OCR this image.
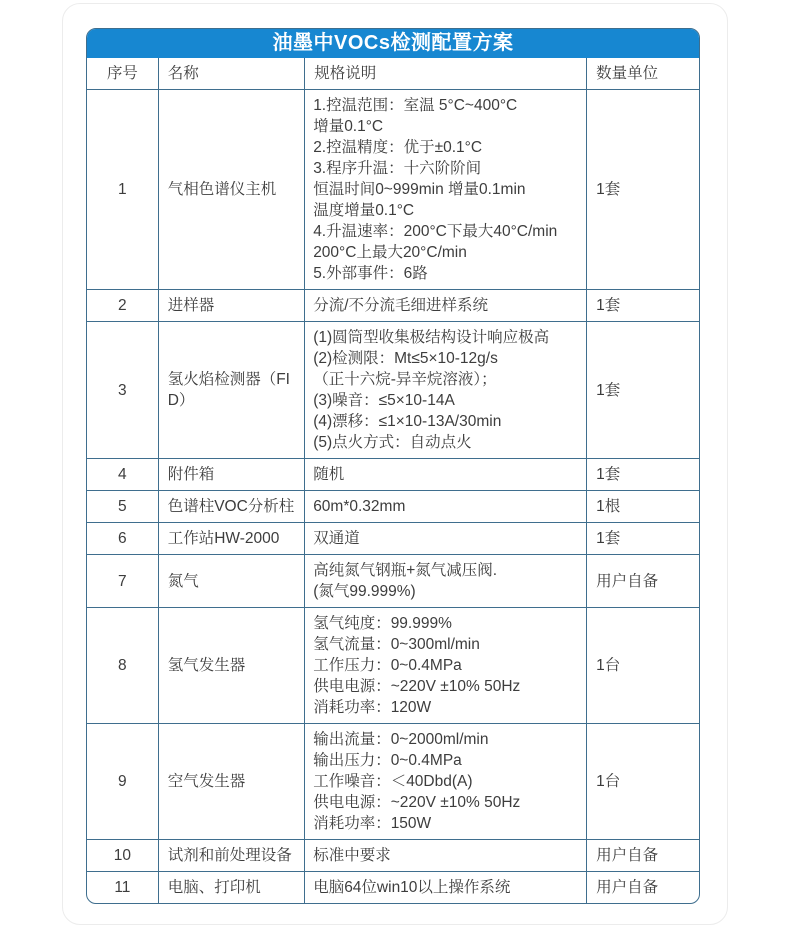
油墨中VOCs检测配置方案
序号	名称	规格说明	数量单位
1	气相色谱仪主机	
1.控温范围：室温 5°C~400°C
增量0.1°C
2.控温精度：优于±0.1°C
3.程序升温：十六阶阶间
恒温时间0~999min 增量0.1min
温度增量0.1°C
4.升温速率：200°C下最大40°C/min
200°C上最大20°C/min
5.外部事件：6路
	1套
2	进样器	分流/不分流毛细进样系统	1套
3	氢火焰检测器（FID）	
(1)圆筒型收集极结构设计响应极高
(2)检测限：Mt≤5×10-12g/s
（正十六烷-异辛烷溶液）；
(3)噪音：≤5×10-14A
(4)漂移：≤1×10-13A/30min
(5)点火方式：自动点火
	1套
4	附件箱	随机	1套
5	色谱柱VOC分析柱	60m*0.32mm	1根
6	工作站HW-2000	双通道	1套
7	氮气	高纯氮气钢瓶+氮气减压阀.
(氮气99.999%)	用户自备
8	氢气发生器	氢气纯度：99.999%
氢气流量：0~300ml/min
工作压力：0~0.4MPa
供电电源：~220V ±10% 50Hz
消耗功率：120W	1台
9	空气发生器	输出流量：0~2000ml/min
输出压力：0~0.4MPa
工作噪音：＜40Dbd(A)
供电电源：~220V ±10% 50Hz
消耗功率：150W	1台
10	试剂和前处理设备	标准中要求	用户自备
11	电脑、打印机	电脑64位win10以上操作系统	用户自备
